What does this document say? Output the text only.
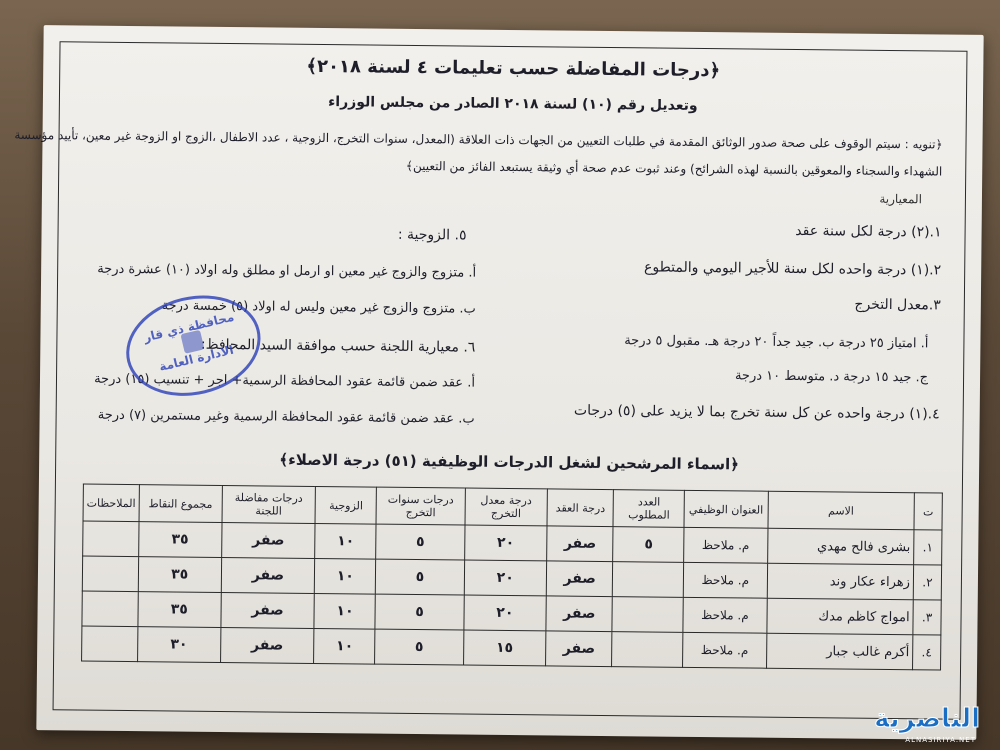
﴿درجات المفاضلة حسب تعليمات ٤ لسنة ٢٠١٨﴾
وتعديل رقم (١٠) لسنة ٢٠١٨ الصادر من مجلس الوزراء
﴿تنويه : سيتم الوقوف على صحة صدور الوثائق المقدمة في طلبات التعيين من الجهات ذات العلاقة (المعدل، سنوات التخرج، الزوجية ، عدد الاطفال ،الزوج او الزوجة غير معين، تأييد مؤسسة
الشهداء والسجناء والمعوقين بالنسبة لهذه الشرائح) وعند ثبوت عدم صحة أي وثيقة يستبعد الفائز من التعيين﴾
المعيارية
١.(٢) درجة لكل سنة عقد
٢.(١) درجة واحده لكل سنة للأجير اليومي والمتطوع
٣.معدل التخرج
أ. امتياز ٢٥ درجة ب. جيد جداً ٢٠ درجة هـ. مقبول ٥ درجة
ج. جيد ١٥ درجة د. متوسط ١٠ درجة
٤.(١) درجة واحده عن كل سنة تخرج بما لا يزيد على (٥) درجات
٥. الزوجية :
أ. متزوج والزوج غير معين او ارمل او مطلق وله اولاد (١٠) عشرة درجة
ب. متزوج والزوج غير معين وليس له اولاد (٥) خمسة درجة
٦. معيارية اللجنة حسب موافقة السيد المحافظ:
أ. عقد ضمن قائمة عقود المحافظة الرسمية+ اجر + تنسيب (١٥) درجة
ب. عقد ضمن قائمة عقود المحافظة الرسمية وغير مستمرين (٧) درجة
محافظة ذي قار
الادارة العامة
﴿اسماء المرشحين لشغل الدرجات الوظيفية (٥١) درجة الاصلاء﴾
ت	الاسم	العنوان الوظيفي	العدد المطلوب	درجة العقد	درجة معدل التخرج	درجات سنوات التخرج	الزوجية	درجات مفاضلة اللجنة	مجموع النقاط	الملاحظات
١.	بشرى فالح مهدي	م. ملاحظ	٥	صفر	٢٠	٥	١٠	صفر	٣٥	
٢.	زهراء عكار وند	م. ملاحظ		صفر	٢٠	٥	١٠	صفر	٣٥	
٣.	امواج كاظم مدك	م. ملاحظ		صفر	٢٠	٥	١٠	صفر	٣٥	
٤.	أكرم غالب جبار	م. ملاحظ		صفر	١٥	٥	١٠	صفر	٣٠	
الناصرية
ALNASIRIYA.NET
